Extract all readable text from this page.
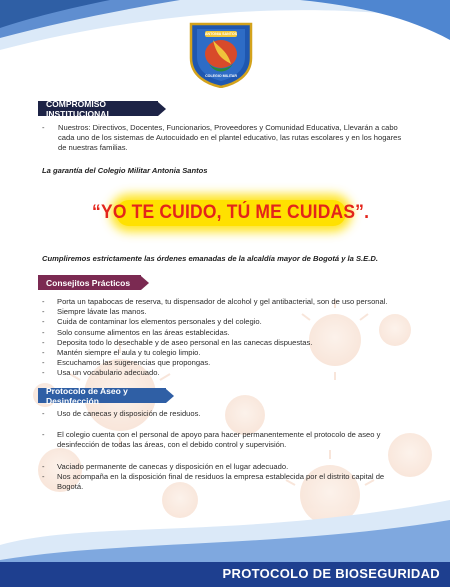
ANTONIA SANTOS
COLEGIO MILITAR
COMPROMISO INSTITUCIONAL
-	Nuestros: Directivos, Docentes, Funcionarios, Proveedores y Comunidad Educativa, Llevarán a cabo cada uno de los sistemas de Autocuidado en el plantel educativo, las rutas escolares y en los hogares de nuestras familias.
La garantía del Colegio Militar Antonia Santos
“YO TE CUIDO, TÚ ME CUIDAS”.
Cumpliremos estrictamente las órdenes emanadas de la alcaldía mayor de Bogotá y la S.E.D.
Consejitos Prácticos
- Porta un tapabocas de reserva, tu dispensador de alcohol y gel antibacterial, son de uso personal.
- Siempre lávate las manos.
- Cuida de contaminar los elementos personales y del colegio.
- Solo consume alimentos en las áreas establecidas.
- Deposita todo lo desechable y de aseo personal en las canecas dispuestas.
- Mantén siempre el aula y tu colegio limpio.
- Escuchamos las sugerencias que propongas.
- Usa un vocabulario adecuado.
Protocolo de Aseo y Desinfección
- Uso de canecas y disposición de residuos.
- El colegio cuenta con el personal de apoyo para hacer permanentemente el protocolo de aseo y desinfección de todas las áreas, con el debido control y supervisión.
- Vaciado permanente de canecas y disposición en el lugar adecuado.
- Nos acompaña en la disposición final de residuos la empresa establecida por el distrito capital de Bogotá.
PROTOCOLO DE BIOSEGURIDAD
